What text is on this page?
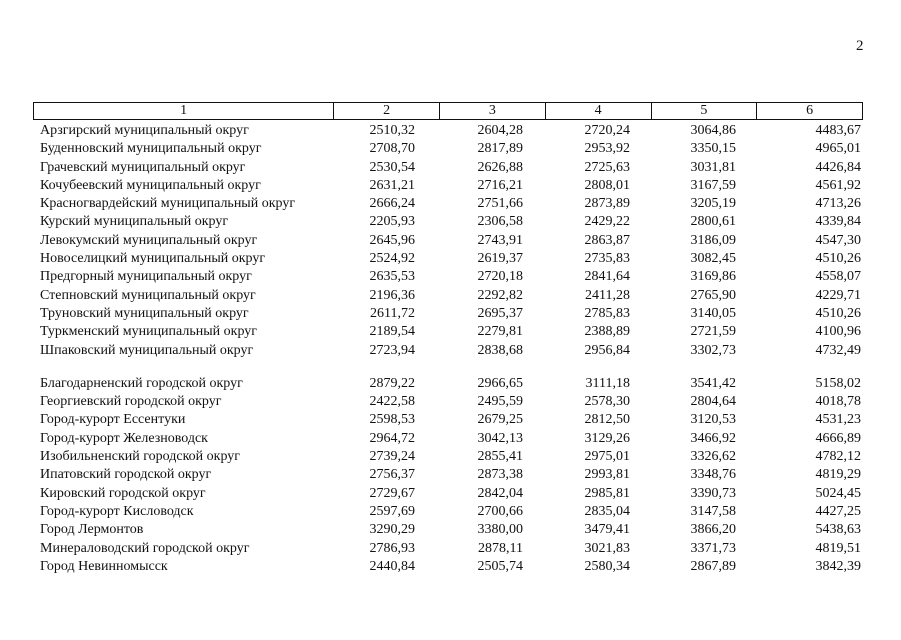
2
1	2	3	4	5	6
Арзгирский муниципальный округ	2510,32	2604,28	2720,24	3064,86	4483,67
Буденновский муниципальный округ	2708,70	2817,89	2953,92	3350,15	4965,01
Грачевский муниципальный округ	2530,54	2626,88	2725,63	3031,81	4426,84
Кочубеевский муниципальный округ	2631,21	2716,21	2808,01	3167,59	4561,92
Красногвардейский муниципальный округ	2666,24	2751,66	2873,89	3205,19	4713,26
Курский муниципальный округ	2205,93	2306,58	2429,22	2800,61	4339,84
Левокумский муниципальный округ	2645,96	2743,91	2863,87	3186,09	4547,30
Новоселицкий муниципальный округ	2524,92	2619,37	2735,83	3082,45	4510,26
Предгорный муниципальный округ	2635,53	2720,18	2841,64	3169,86	4558,07
Степновский муниципальный округ	2196,36	2292,82	2411,28	2765,90	4229,71
Труновский муниципальный округ	2611,72	2695,37	2785,83	3140,05	4510,26
Туркменский муниципальный округ	2189,54	2279,81	2388,89	2721,59	4100,96
Шпаковский муниципальный округ	2723,94	2838,68	2956,84	3302,73	4732,49
Благодарненский городской округ	2879,22	2966,65	3111,18	3541,42	5158,02
Георгиевский городской округ	2422,58	2495,59	2578,30	2804,64	4018,78
Город-курорт Ессентуки	2598,53	2679,25	2812,50	3120,53	4531,23
Город-курорт Железноводск	2964,72	3042,13	3129,26	3466,92	4666,89
Изобильненский городской округ	2739,24	2855,41	2975,01	3326,62	4782,12
Ипатовский городской округ	2756,37	2873,38	2993,81	3348,76	4819,29
Кировский городской округ	2729,67	2842,04	2985,81	3390,73	5024,45
Город-курорт Кисловодск	2597,69	2700,66	2835,04	3147,58	4427,25
Город Лермонтов	3290,29	3380,00	3479,41	3866,20	5438,63
Минераловодский городской округ	2786,93	2878,11	3021,83	3371,73	4819,51
Город Невинномысск	2440,84	2505,74	2580,34	2867,89	3842,39
